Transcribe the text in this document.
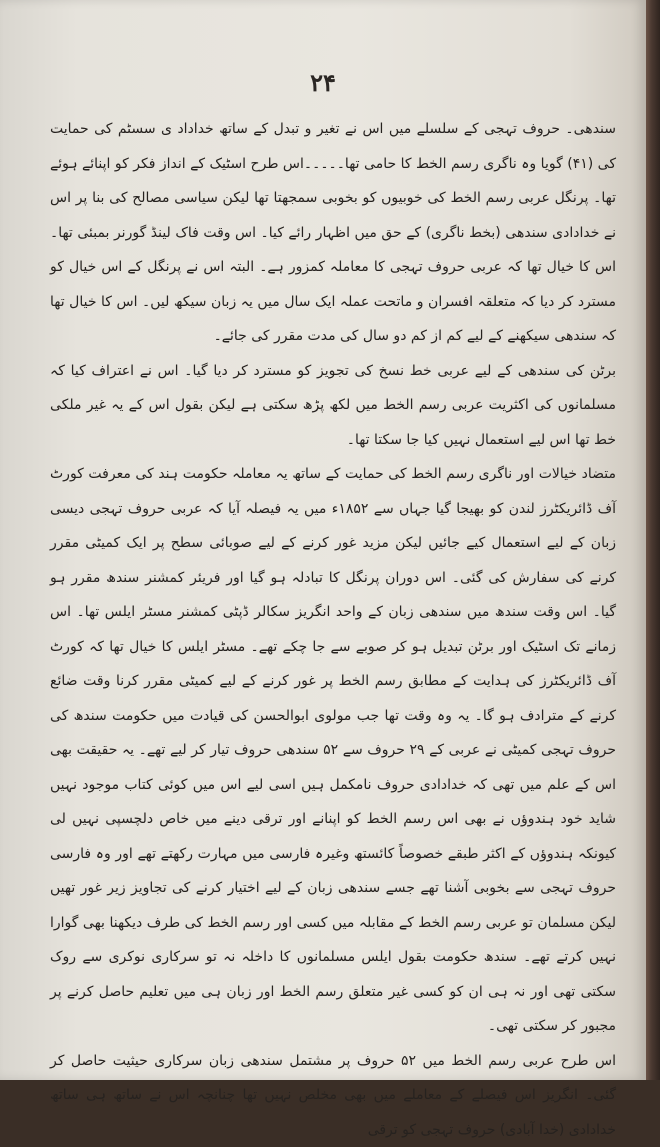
۲۴

سندھی۔ حروف تہجی کے سلسلے میں اس نے تغیر و تبدل کے ساتھ خداداد ی سسٹم کی حمایت کی (۴۱) گویا وہ ناگری رسم الخط کا حامی تھا۔۔۔۔۔اس طرح اسٹیک کے انداز فکر کو اپنائے ہوئے تھا۔ پرنگل عربی رسم الخط کی خوبیوں کو بخوبی سمجھتا تھا لیکن سیاسی مصالح کی بنا پر اس نے خدادادی سندھی (بخط ناگری) کے حق میں اظہار رائے کیا۔ اس وقت فاک لینڈ گورنر بمبئی تھا۔ اس کا خیال تھا کہ عربی حروف تہجی کا معاملہ کمزور ہے۔ البتہ اس نے پرنگل کے اس خیال کو مسترد کر دیا کہ متعلقہ افسران و ماتحت عملہ ایک سال میں یہ زبان سیکھ لیں۔ اس کا خیال تھا کہ سندھی سیکھنے کے لیے کم از کم دو سال کی مدت مقرر کی جائے۔

برٹن کی سندھی کے لیے عربی خط نسخ کی تجویز کو مسترد کر دیا گیا۔ اس نے اعتراف کیا کہ مسلمانوں کی اکثریت عربی رسم الخط میں لکھ پڑھ سکتی ہے لیکن بقول اس کے یہ غیر ملکی خط تھا اس لیے استعمال نہیں کیا جا سکتا تھا۔

متضاد خیالات اور ناگری رسم الخط کی حمایت کے ساتھ یہ معاملہ حکومت ہند کی معرفت کورٹ آف ڈائریکٹرز لندن کو بھیجا گیا جہاں سے ۱۸۵۲ء میں یہ فیصلہ آیا کہ عربی حروف تہجی دیسی زبان کے لیے استعمال کیے جائیں لیکن مزید غور کرنے کے لیے صوبائی سطح پر ایک کمیٹی مقرر کرنے کی سفارش کی گئی۔ اس دوران پرنگل کا تبادلہ ہو گیا اور فریئر کمشنر سندھ مقرر ہو گیا۔ اس وقت سندھ میں سندھی زبان کے واحد انگریز سکالر ڈپٹی کمشنر مسٹر ایلس تھا۔ اس زمانے تک اسٹیک اور برٹن تبدیل ہو کر صوبے سے جا چکے تھے۔ مسٹر ایلس کا خیال تھا کہ کورٹ آف ڈائریکٹرز کی ہدایت کے مطابق رسم الخط پر غور کرنے کے لیے کمیٹی مقرر کرنا وقت ضائع کرنے کے مترادف ہو گا۔ یہ وہ وقت تھا جب مولوی ابوالحسن کی قیادت میں حکومت سندھ کی حروف تہجی کمیٹی نے عربی کے ۲۹ حروف سے ۵۲ سندھی حروف تیار کر لیے تھے۔ یہ حقیقت بھی اس کے علم میں تھی کہ خدادادی حروف نامکمل ہیں اسی لیے اس میں کوئی کتاب موجود نہیں شاید خود ہندوؤں نے بھی اس رسم الخط کو اپنانے اور ترقی دینے میں خاص دلچسپی نہیں لی کیونکہ ہندوؤں کے اکثر طبقے خصوصاً کائستھ وغیرہ فارسی میں مہارت رکھتے تھے اور وہ فارسی حروف تہجی سے بخوبی آشنا تھے جسے سندھی زبان کے لیے اختیار کرنے کی تجاویز زیر غور تھیں لیکن مسلمان تو عربی رسم الخط کے مقابلہ میں کسی اور رسم الخط کی طرف دیکھنا بھی گوارا نہیں کرتے تھے۔ سندھ حکومت بقول ایلس مسلمانوں کا داخلہ نہ تو سرکاری نوکری سے روک سکتی تھی اور نہ ہی ان کو کسی غیر متعلق رسم الخط اور زبان ہی میں تعلیم حاصل کرنے پر مجبور کر سکتی تھی۔

اس طرح عربی رسم الخط میں ۵۲ حروف پر مشتمل سندھی زبان سرکاری حیثیت حاصل کر گئی۔ انگریز اس فیصلے کے معاملے میں بھی مخلص نہیں تھا چنانچہ اس نے ساتھ ہی ساتھ خدادادی (خدا آبادی) حروف تہجی کو ترقی
